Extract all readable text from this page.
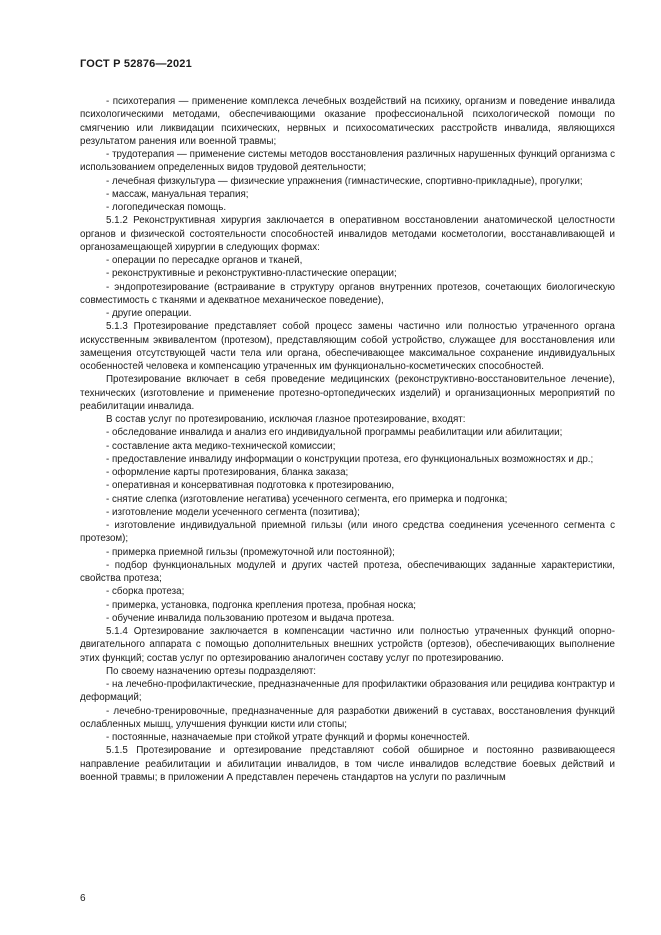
ГОСТ Р 52876—2021

- психотерапия — применение комплекса лечебных воздействий на психику, организм и поведение инвалида психологическими методами, обеспечивающими оказание профессиональной психологической помощи по смягчению или ликвидации психических, нервных и психосоматических расстройств инвалида, являющихся результатом ранения или военной травмы;

- трудотерапия — применение системы методов восстановления различных нарушенных функций организма с использованием определенных видов трудовой деятельности;

- лечебная физкультура — физические упражнения (гимнастические, спортивно-прикладные), прогулки;

- массаж, мануальная терапия;

- логопедическая помощь.

5.1.2 Реконструктивная хирургия заключается в оперативном восстановлении анатомической целостности органов и физической состоятельности способностей инвалидов методами косметологии, восстанавливающей и органозамещающей хирургии в следующих формах:

- операции по пересадке органов и тканей,

- реконструктивные и реконструктивно-пластические операции;

- эндопротезирование (встраивание в структуру органов внутренних протезов, сочетающих биологическую совместимость с тканями и адекватное механическое поведение),

- другие операции.

5.1.3 Протезирование представляет собой процесс замены частично или полностью утраченного органа искусственным эквивалентом (протезом), представляющим собой устройство, служащее для восстановления или замещения отсутствующей части тела или органа, обеспечивающее максимальное сохранение индивидуальных особенностей человека и компенсацию утраченных им функционально-косметических способностей.

Протезирование включает в себя проведение медицинских (реконструктивно-восстановительное лечение), технических (изготовление и применение протезно-ортопедических изделий) и организационных мероприятий по реабилитации инвалида.

В состав услуг по протезированию, исключая глазное протезирование, входят:

- обследование инвалида и анализ его индивидуальной программы реабилитации или абилитации;

- составление акта медико-технической комиссии;

- предоставление инвалиду информации о конструкции протеза, его функциональных возможностях и др.;

- оформление карты протезирования, бланка заказа;

- оперативная и консервативная подготовка к протезированию,

- снятие слепка (изготовление негатива) усеченного сегмента, его примерка и подгонка;

- изготовление модели усеченного сегмента (позитива);

- изготовление индивидуальной приемной гильзы (или иного средства соединения усеченного сегмента с протезом);

- примерка приемной гильзы (промежуточной или постоянной);

- подбор функциональных модулей и других частей протеза, обеспечивающих заданные характеристики, свойства протеза;

- сборка протеза;

- примерка, установка, подгонка крепления протеза, пробная носка;

- обучение инвалида пользованию протезом и выдача протеза.

5.1.4 Ортезирование заключается в компенсации частично или полностью утраченных функций опорно-двигательного аппарата с помощью дополнительных внешних устройств (ортезов), обеспечивающих выполнение этих функций; состав услуг по ортезированию аналогичен составу услуг по протезированию.

По своему назначению ортезы подразделяют:

- на лечебно-профилактические, предназначенные для профилактики образования или рецидива контрактур и деформаций;

- лечебно-тренировочные, предназначенные для разработки движений в суставах, восстановления функций ослабленных мышц, улучшения функции кисти или стопы;

- постоянные, назначаемые при стойкой утрате функций и формы конечностей.

5.1.5 Протезирование и ортезирование представляют собой обширное и постоянно развивающееся направление реабилитации и абилитации инвалидов, в том числе инвалидов вследствие боевых действий и военной травмы; в приложении А представлен перечень стандартов на услуги по различным

6
